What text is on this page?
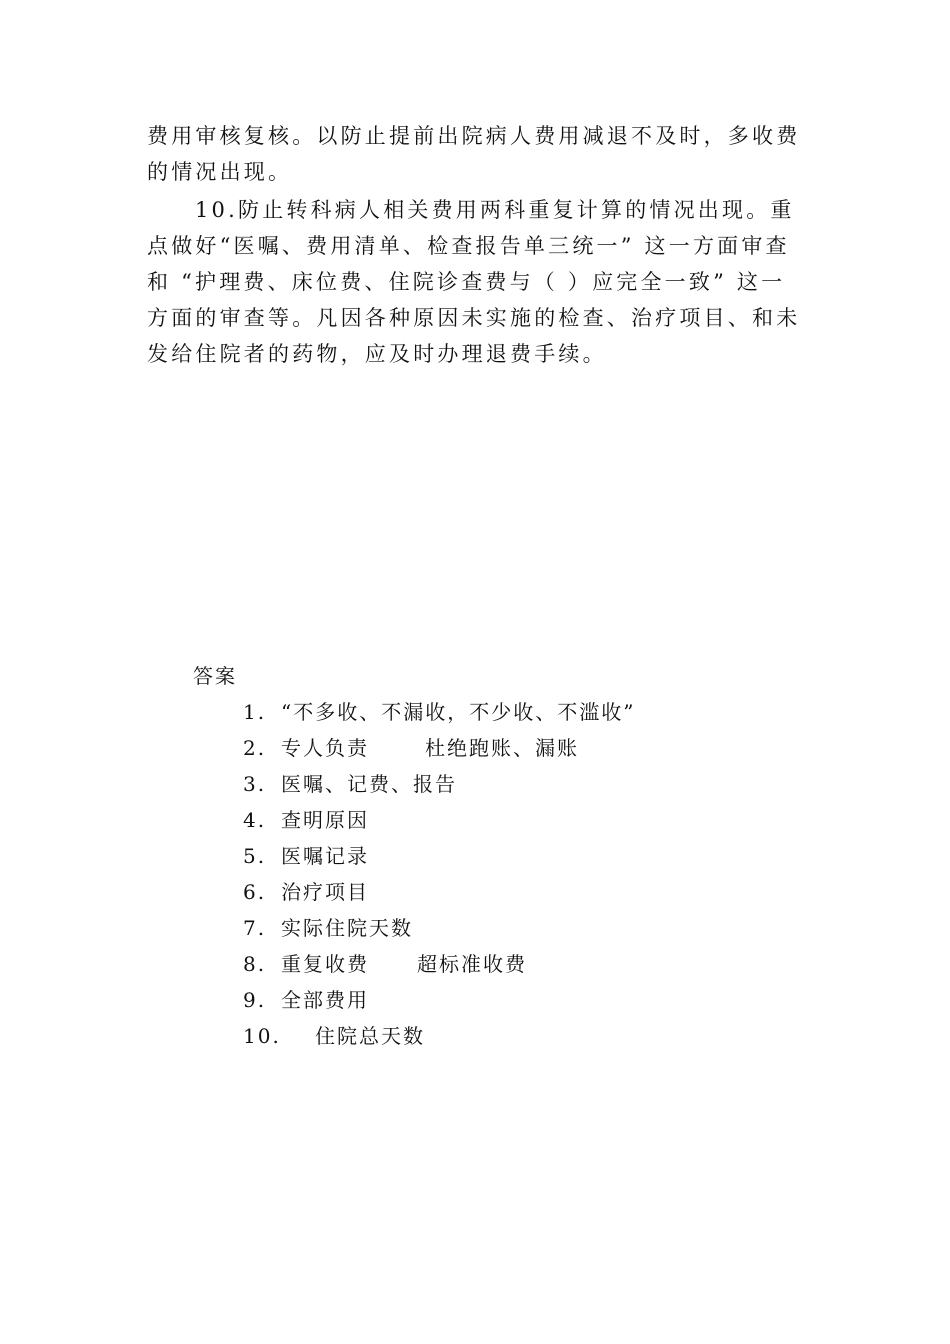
费用审核复核。以防止提前出院病人费用减退不及时，多收费的情况出现。

10.防止转科病人相关费用两科重复计算的情况出现。重点做好“医嘱、费用清单、检查报告单三统一” 这一方面审查和 “护理费、床位费、住院诊查费与（ ）应完全一致” 这一方面的审查等。凡因各种原因未实施的检查、治疗项目、和未发给住院者的药物，应及时办理退费手续。

答案
1. “不多收、不漏收，不少收、不滥收”
2. 专人负责	杜绝跑账、漏账
3. 医嘱、记费、报告
4. 查明原因
5. 医嘱记录
6. 治疗项目
7. 实际住院天数
8. 重复收费 超标准收费
9. 全部费用
10.	住院总天数
